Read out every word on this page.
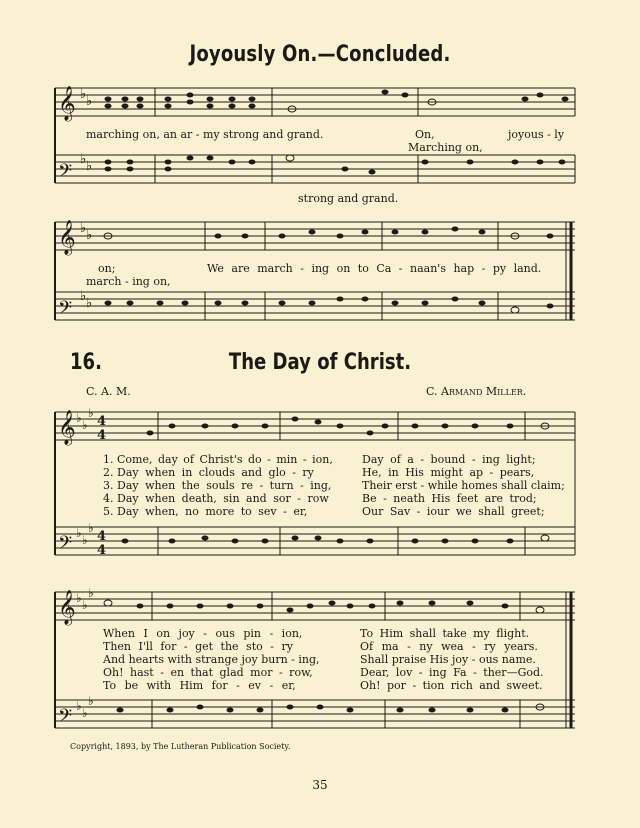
𝄞
𝄢
𝄞
𝄢
𝄞
𝄢
𝄞
𝄢
♭ ♭
♭ ♭
♭ ♭
♭ ♭
♭ ♭
♭
♭ ♭
♭
♭ ♭
♭
♭ ♭
♭
4
4
4
4
Joyously On.—Concluded.
marching on, an ar - my strong and grand.	On,	joyous - ly
Marching on,
strong and grand.
on;	We are march - ing on to Ca - naan's hap - py land.
march - ing on,
16.	The Day of Christ.
C. A. M.	C. Armand Miller.
1. Come, day of Christ's do - min - ion,	Day of a - bound - ing light;
2. Day when in clouds and glo - ry	He, in His might ap - pears,
3. Day when the souls re - turn - ing,	Their erst - while homes shall claim;
4. Day when death, sin and sor - row	Be - neath His feet are trod;
5. Day when, no more to sev - er,	Our Sav - iour we shall greet;
When I on joy - ous pin - ion,	To Him shall take my flight.
Then I'll for - get the sto - ry	Of ma - ny wea - ry years.
And hearts with strange joy burn - ing,	Shall praise His joy - ous name.
Oh! hast - en that glad mor - row,	Dear, lov - ing Fa - ther—God.
To be with Him for - ev - er,	Oh! por - tion rich and sweet.
Copyright, 1893, by The Lutheran Publication Society.
35
